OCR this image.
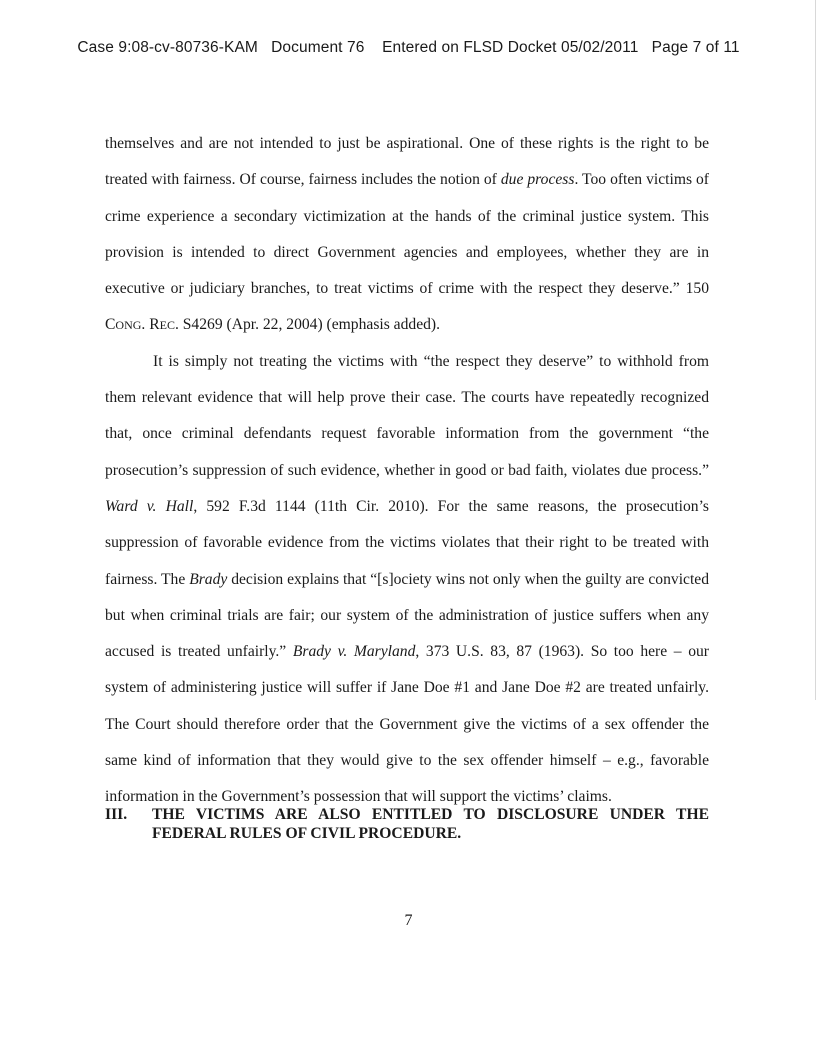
Case 9:08-cv-80736-KAM Document 76 Entered on FLSD Docket 05/02/2011 Page 7 of 11

themselves and are not intended to just be aspirational. One of these rights is the right to be treated with fairness. Of course, fairness includes the notion of due process. Too often victims of crime experience a secondary victimization at the hands of the criminal justice system. This provision is intended to direct Government agencies and employees, whether they are in executive or judiciary branches, to treat victims of crime with the respect they deserve.” 150 CONG. REC. S4269 (Apr. 22, 2004) (emphasis added).

It is simply not treating the victims with “the respect they deserve” to withhold from them relevant evidence that will help prove their case. The courts have repeatedly recognized that, once criminal defendants request favorable information from the government “the prosecution’s suppression of such evidence, whether in good or bad faith, violates due process.” Ward v. Hall, 592 F.3d 1144 (11th Cir. 2010). For the same reasons, the prosecution’s suppression of favorable evidence from the victims violates that their right to be treated with fairness. The Brady decision explains that “[s]ociety wins not only when the guilty are convicted but when criminal trials are fair; our system of the administration of justice suffers when any accused is treated unfairly.” Brady v. Maryland, 373 U.S. 83, 87 (1963). So too here – our system of administering justice will suffer if Jane Doe #1 and Jane Doe #2 are treated unfairly. The Court should therefore order that the Government give the victims of a sex offender the same kind of information that they would give to the sex offender himself – e.g., favorable information in the Government’s possession that will support the victims’ claims.

III.	THE VICTIMS ARE ALSO ENTITLED TO DISCLOSURE UNDER THE FEDERAL RULES OF CIVIL PROCEDURE.
7
